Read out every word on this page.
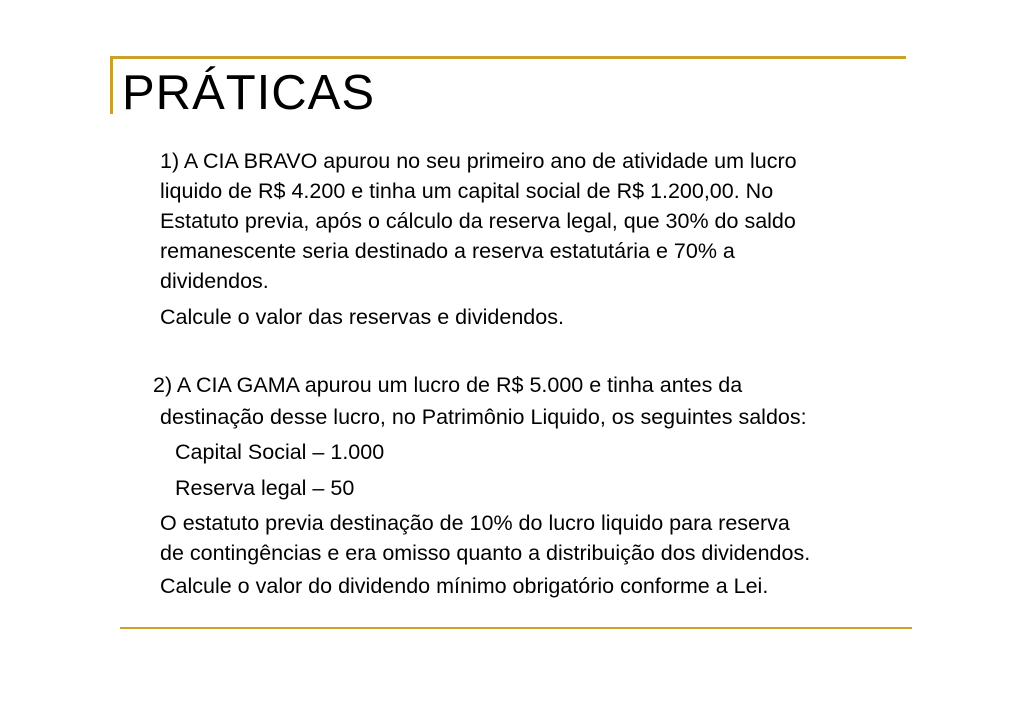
PRÁTICAS
1) A CIA BRAVO apurou no seu primeiro ano de atividade um lucro
liquido de R$ 4.200 e tinha um capital social de R$ 1.200,00. No
Estatuto previa, após o cálculo da reserva legal, que 30% do saldo
remanescente seria destinado a reserva estatutária e 70% a
dividendos.
Calcule o valor das reservas e dividendos.
2) A CIA GAMA apurou um lucro de R$ 5.000 e tinha antes da
destinação desse lucro, no Patrimônio Liquido, os seguintes saldos:
Capital Social – 1.000
Reserva legal – 50
O estatuto previa destinação de 10% do lucro liquido para reserva
de contingências e era omisso quanto a distribuição dos dividendos.
Calcule o valor do dividendo mínimo obrigatório conforme a Lei.
